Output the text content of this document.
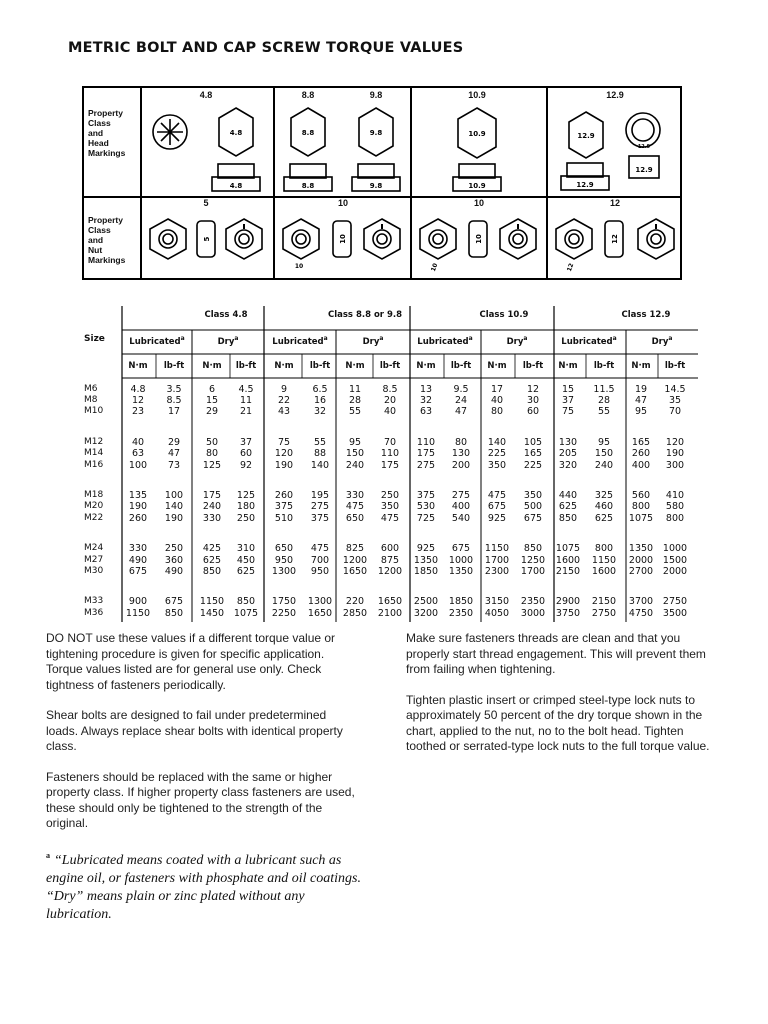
METRIC BOLT AND CAP SCREW TORQUE VALUES
Property
Class
and
Head
Markings
Property
Class
and
Nut
Markings
4.8	8.8	9.8	10.9	12.9
5	10	10	12
4.8
4.8
8.8
8.8
9.8
9.8
10.9
10.9
12.9
12.9
12.9
12.9
5	10
10
10
10
12
12
Size
Class 4.8	Class 8.8 or 9.8	Class 10.9	Class 12.9
Lubricated$^a$	Dry$^a$	Lubricated$^a$	Dry$^a$	Lubricated$^a$	Dry$^a$	Lubricated$^a$	Dry$^a$
N·m lb-ft N·m lb-ft N·m lb-ft N·m lb-ft N·m lb-ft N·m lb-ft N·m lb-ft N·m lb-ft
M6	4.8 3.5	6 4.5	9	6.5 11 8.5 13 9.5 17	12 15 11.5 19 14.5
M8	12 8.5	15 11	22	16 28 20	32 24	40	30 37	28	47 35
M10	23	17	29 21	43	32 55 40	63 47	80	60 75	55	95 70
M12	40	29	50 37	75	55 95 70 110 80 140 105 130 95 165 120
M14	63	47	80 60 120 88 150 110 175 130 225 165 205 150 260 190
M16	100 73 125 92 190 140 240 175 275 200 350 225 320 240 400 300
M18	135 100 175 125 260 195 330 250 375 275 475 350 440 325 560 410
M20	190 140 240 180 375 275 475 350 530 400 675 500 625 460 800 580
M22	260 190 330 250 510 375 650 475 725 540 925 675 850 625 1075 800
M24	330 250 425 310 650 475 825 600 925 675 1150 850 1075 800 1350 1000
M27	490 360 625 450 950 700 1200 875 1350 1000 1700 1250 1600 1150 2000 1500
M30	675 490 850 625 1300 950 1650 1200 1850 1350 2300 1700 2150 1600 2700 2000
M33	900 675 1150 850 1750 1300 220 1650 2500 1850 3150 2350 2900 2150 3700 2750
M36 1150 850 1450 1075 2250 1650 2850 2100 3200 2350 4050 3000 3750 2750 4750 3500

DO NOT use these values if a different torque value or tightening procedure is given for specific application. Torque values listed are for general use only. Check tightness of fasteners periodically.

Shear bolts are designed to fail under predetermined loads. Always replace shear bolts with identical property class.

Fasteners should be replaced with the same or higher property class. If higher property class fasteners are used, these should only be tightened to the strength of the original.

$^a$ “Lubricated means coated with a lubricant such as engine oil, or fasteners with phosphate and oil coatings. “Dry” means plain or zinc plated without any lubrication.

Make sure fasteners threads are clean and that you properly start thread engagement. This will prevent them from failing when tightening.

Tighten plastic insert or crimped steel-type lock nuts to approximately 50 percent of the dry torque shown in the chart, applied to the nut, no to the bolt head. Tighten toothed or serrated-type lock nuts to the full torque value.
